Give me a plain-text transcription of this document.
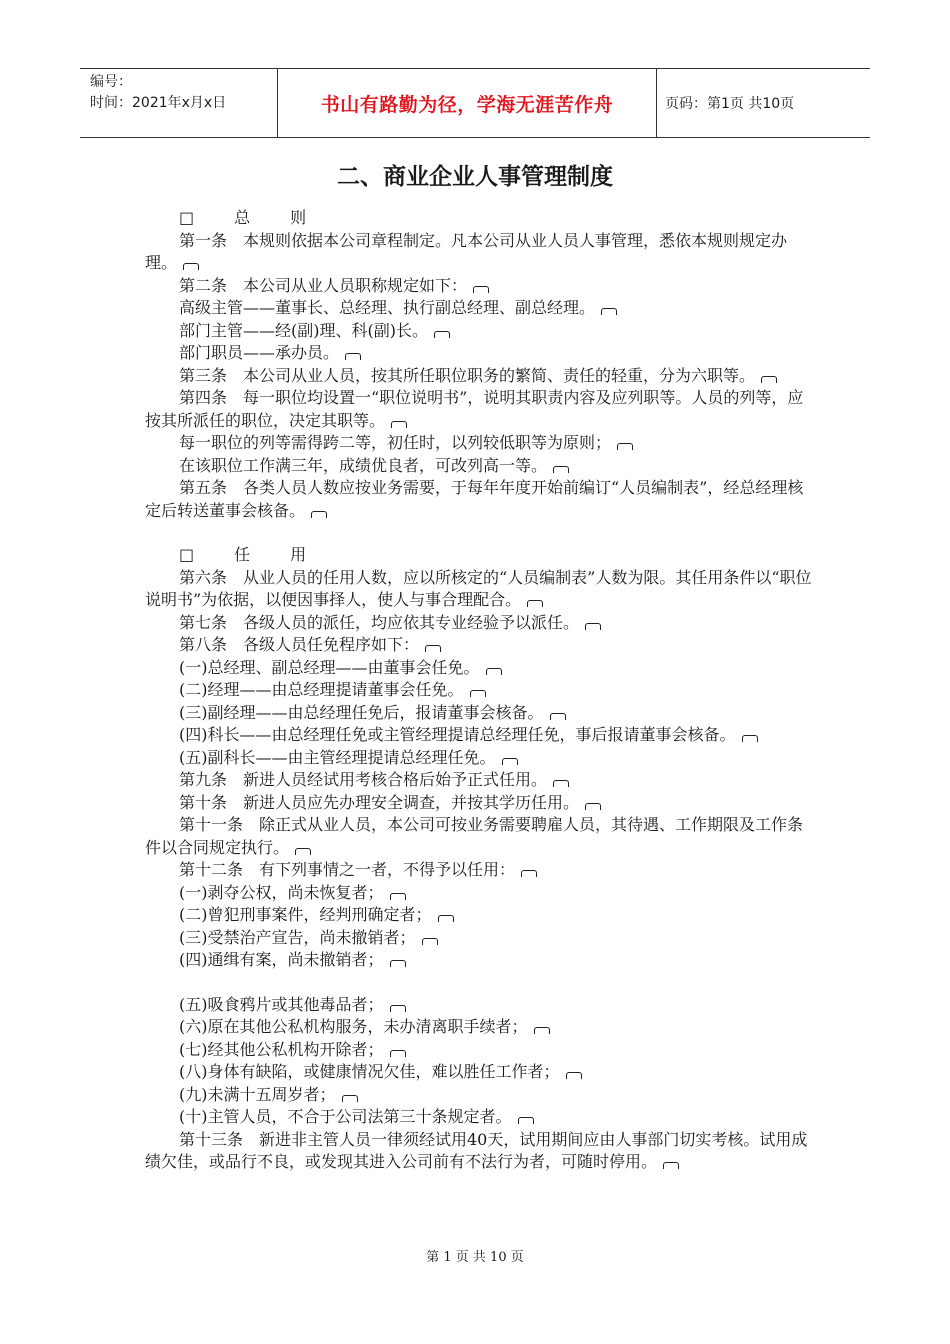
编号：
时间：2021年x月x日	书山有路勤为径，学海无涯苦作舟	页码：第1页 共10页
二、商业企业人事管理制度

□	总	则

第一条　本规则依据本公司章程制定。凡本公司从业人员人事管理，悉依本规则规定办理。

第二条　本公司从业人员职称规定如下：

高级主管——董事长、总经理、执行副总经理、副总经理。

部门主管——经(副)理、科(副)长。

部门职员——承办员。

第三条　本公司从业人员，按其所任职位职务的繁简、责任的轻重，分为六职等。

第四条　每一职位均设置一“职位说明书”，说明其职责内容及应列职等。人员的列等，应按其所派任的职位，决定其职等。

每一职位的列等需得跨二等，初任时，以列较低职等为原则；

在该职位工作满三年，成绩优良者，可改列高一等。

第五条　各类人员人数应按业务需要，于每年年度开始前编订“人员编制表”，经总经理核定后转送董事会核备。

□	任	用

第六条　从业人员的任用人数，应以所核定的“人员编制表”人数为限。其任用条件以“职位说明书”为依据，以便因事择人，使人与事合理配合。

第七条　各级人员的派任，均应依其专业经验予以派任。

第八条　各级人员任免程序如下：

(一)总经理、副总经理——由董事会任免。

(二)经理——由总经理提请董事会任免。

(三)副经理——由总经理任免后，报请董事会核备。

(四)科长——由总经理任免或主管经理提请总经理任免，事后报请董事会核备。

(五)副科长——由主管经理提请总经理任免。

第九条　新进人员经试用考核合格后始予正式任用。

第十条　新进人员应先办理安全调查，并按其学历任用。

第十一条　除正式从业人员，本公司可按业务需要聘雇人员，其待遇、工作期限及工作条件以合同规定执行。

第十二条　有下列事情之一者，不得予以任用：

(一)剥夺公权，尚未恢复者；

(二)曾犯刑事案件，经判刑确定者；

(三)受禁治产宣告，尚未撤销者；

(四)通缉有案，尚未撤销者；

(五)吸食鸦片或其他毒品者；

(六)原在其他公私机构服务，未办清离职手续者；

(七)经其他公私机构开除者；

(八)身体有缺陷，或健康情况欠佳，难以胜任工作者；

(九)未满十五周岁者；

(十)主管人员，不合于公司法第三十条规定者。

第十三条　新进非主管人员一律须经试用40天，试用期间应由人事部门切实考核。试用成绩欠佳，或品行不良，或发现其进入公司前有不法行为者，可随时停用。

第 1 页 共 10 页
